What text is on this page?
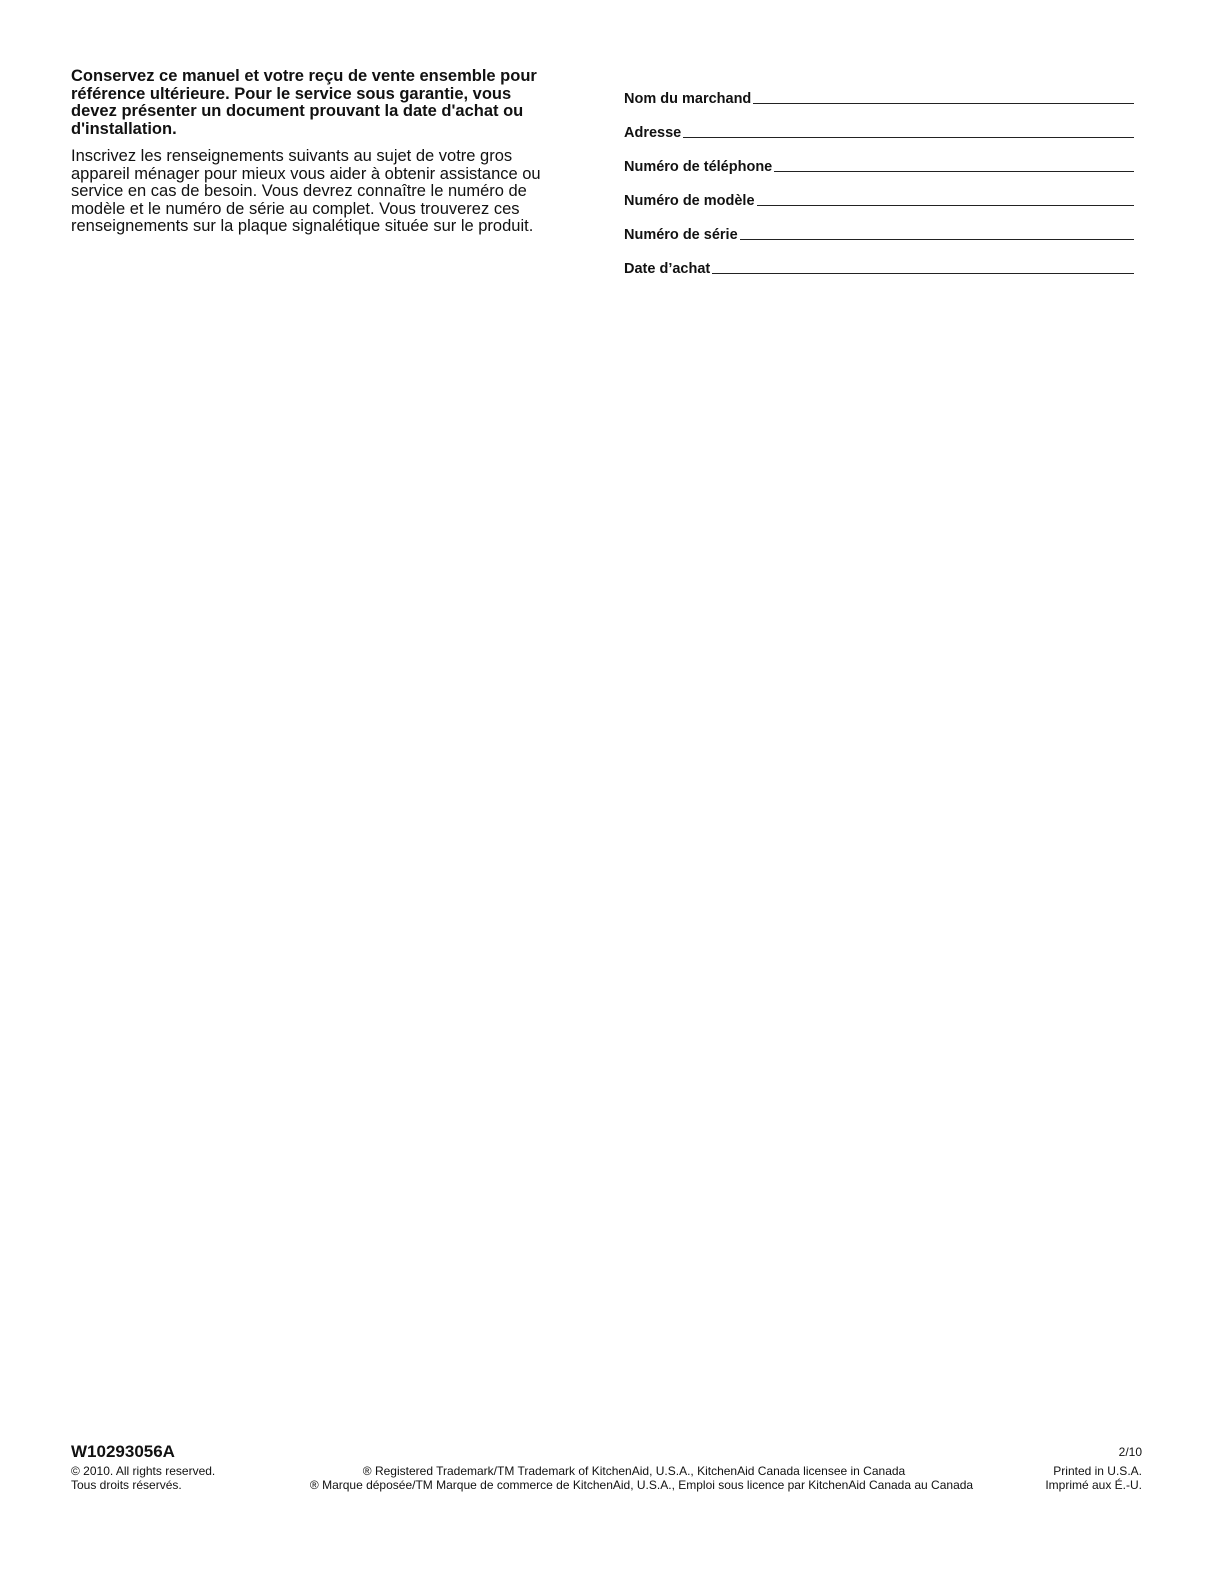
Conservez ce manuel et votre reçu de vente ensemble pour
référence ultérieure. Pour le service sous garantie, vous
devez présenter un document prouvant la date d'achat ou
d'installation.

Inscrivez les renseignements suivants au sujet de votre gros
appareil ménager pour mieux vous aider à obtenir assistance ou
service en cas de besoin. Vous devrez connaître le numéro de
modèle et le numéro de série au complet. Vous trouverez ces
renseignements sur la plaque signalétique située sur le produit.

Nom du marchand
Adresse
Numéro de téléphone
Numéro de modèle
Numéro de série
Date d’achat
W10293056A	2/10
© 2010. All rights reserved.	® Registered Trademark/TM Trademark of KitchenAid, U.S.A., KitchenAid Canada licensee in Canada	Printed in U.S.A.
Tous droits réservés.	® Marque déposée/TM Marque de commerce de KitchenAid, U.S.A., Emploi sous licence par KitchenAid Canada au Canada	Imprimé aux É.-U.
